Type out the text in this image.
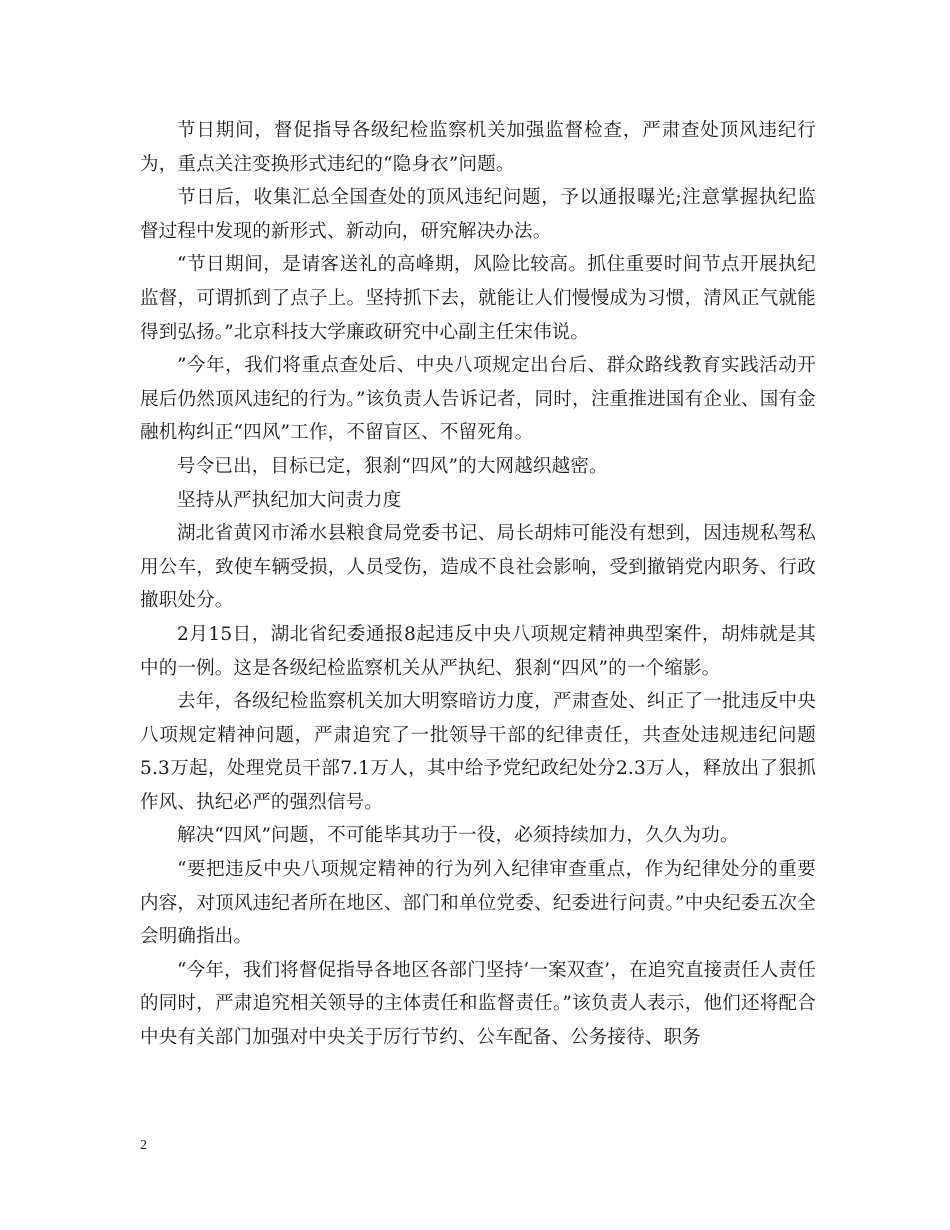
节日期间，督促指导各级纪检监察机关加强监督检查，严肃查处顶风违纪行为，重点关注变换形式违纪的“隐身衣”问题。

节日后，收集汇总全国查处的顶风违纪问题，予以通报曝光;注意掌握执纪监督过程中发现的新形式、新动向，研究解决办法。

“节日期间，是请客送礼的高峰期，风险比较高。抓住重要时间节点开展执纪监督，可谓抓到了点子上。坚持抓下去，就能让人们慢慢成为习惯，清风正气就能得到弘扬。”北京科技大学廉政研究中心副主任宋伟说。

”今年，我们将重点查处后、中央八项规定出台后、群众路线教育实践活动开展后仍然顶风违纪的行为。”该负责人告诉记者，同时，注重推进国有企业、国有金融机构纠正“四风”工作，不留盲区、不留死角。

号令已出，目标已定，狠刹“四风”的大网越织越密。

坚持从严执纪加大问责力度

湖北省黄冈市浠水县粮食局党委书记、局长胡炜可能没有想到，因违规私驾私用公车，致使车辆受损，人员受伤，造成不良社会影响，受到撤销党内职务、行政撤职处分。

2月15日，湖北省纪委通报8起违反中央八项规定精神典型案件，胡炜就是其中的一例。这是各级纪检监察机关从严执纪、狠刹“四风”的一个缩影。

去年，各级纪检监察机关加大明察暗访力度，严肃查处、纠正了一批违反中央八项规定精神问题，严肃追究了一批领导干部的纪律责任，共查处违规违纪问题5.3万起，处理党员干部7.1万人，其中给予党纪政纪处分2.3万人，释放出了狠抓作风、执纪必严的强烈信号。

解决“四风”问题，不可能毕其功于一役，必须持续加力，久久为功。

“要把违反中央八项规定精神的行为列入纪律审查重点，作为纪律处分的重要内容，对顶风违纪者所在地区、部门和单位党委、纪委进行问责。”中央纪委五次全会明确指出。

“今年，我们将督促指导各地区各部门坚持‘一案双查’，在追究直接责任人责任的同时，严肃追究相关领导的主体责任和监督责任。”该负责人表示，他们还将配合中央有关部门加强对中央关于厉行节约、公车配备、公务接待、职务

2
